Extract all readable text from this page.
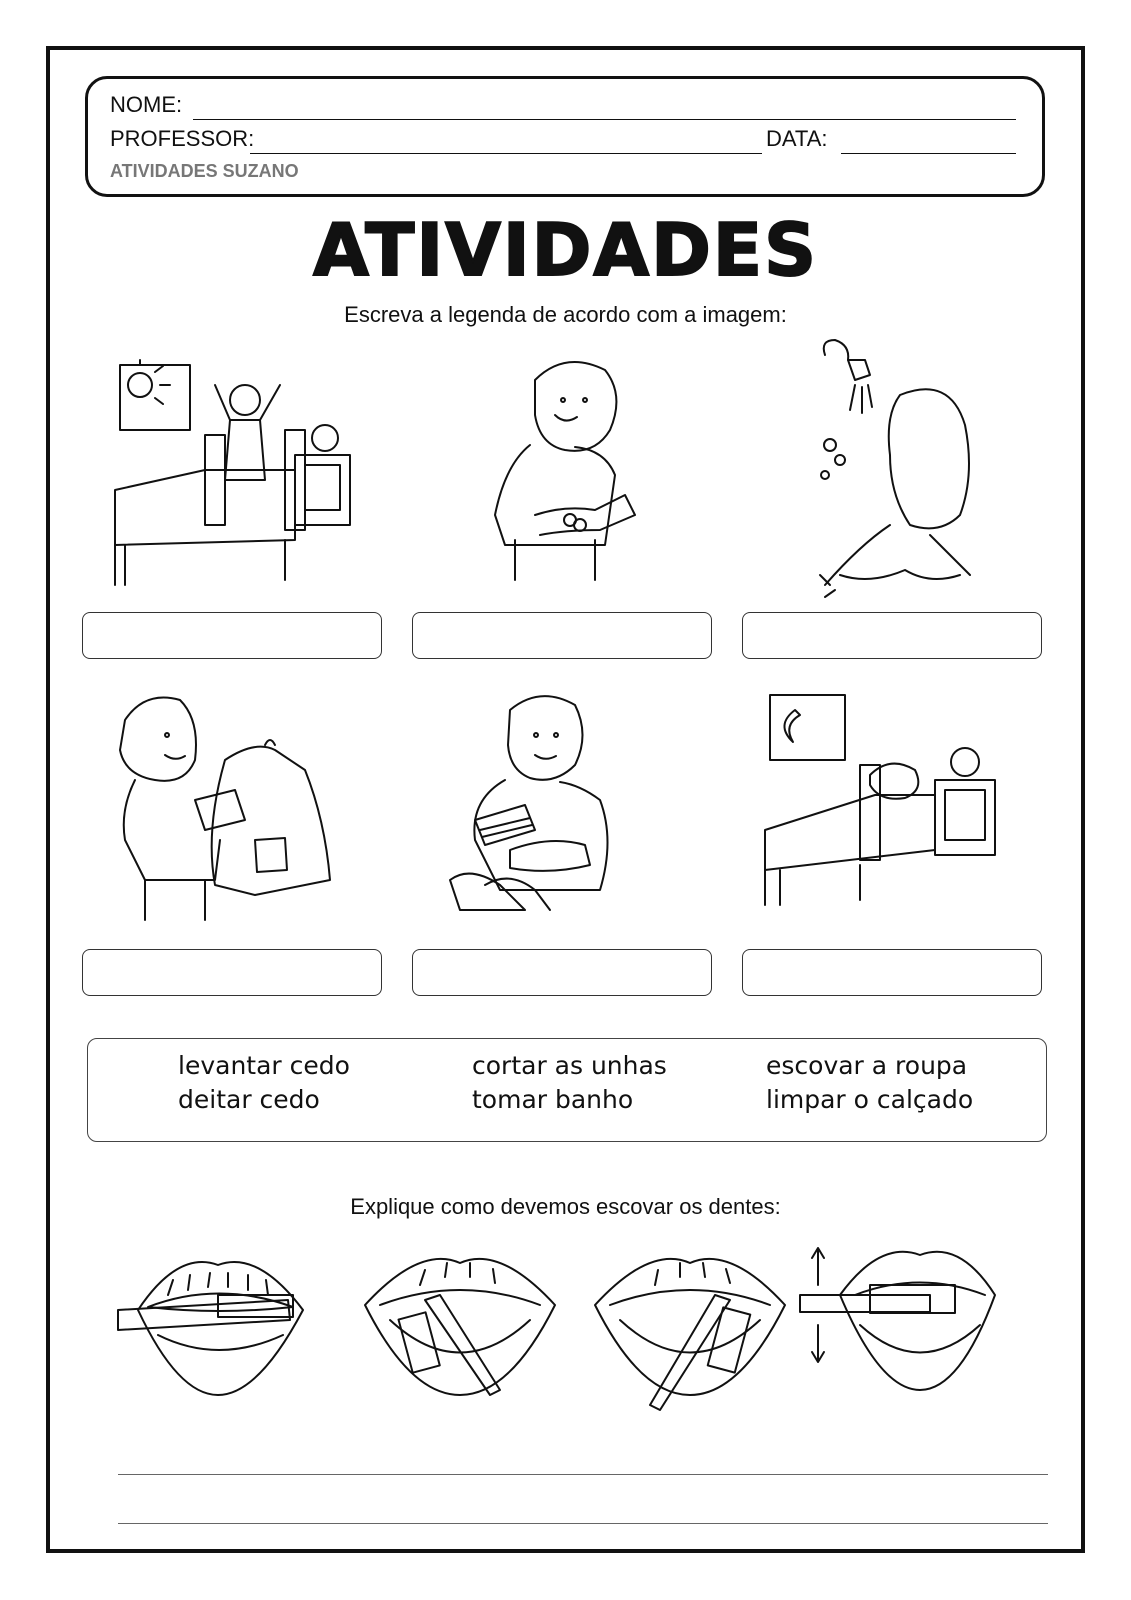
NOME:
PROFESSOR:	DATA:
ATIVIDADES SUZANO
ATIVIDADES
Escreva a legenda de acordo com a imagem:
levantar cedo	cortar as unhas	escovar a roupa
deitar cedo	tomar banho	limpar o calçado
Explique como devemos escovar os dentes:
